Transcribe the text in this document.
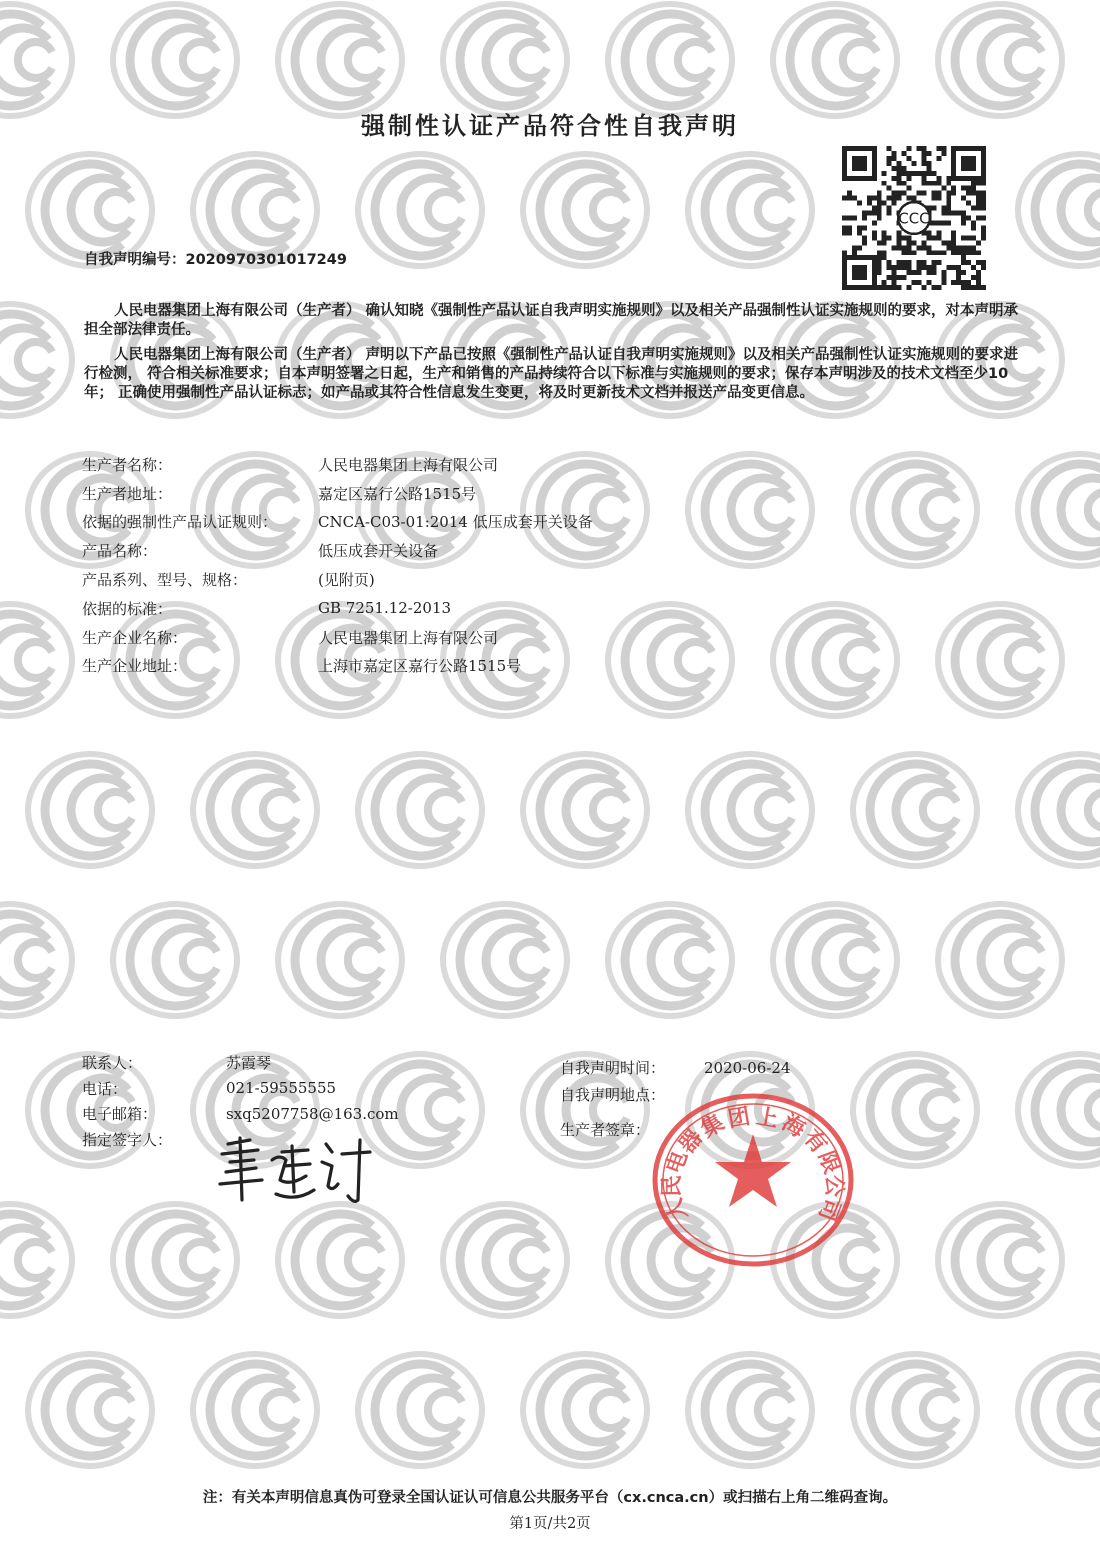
强制性认证产品符合性自我声明
CCC
自我声明编号：2020970301017249
人民电器集团上海有限公司（生产者） 确认知晓《强制性产品认证自我声明实施规则》以及相关产品强制性认证实施规则的要求，对本声明承担全部法律责任。
人民电器集团上海有限公司（生产者） 声明以下产品已按照《强制性产品认证自我声明实施规则》以及相关产品强制性认证实施规则的要求进行检测， 符合相关标准要求；自本声明签署之日起，生产和销售的产品持续符合以下标准与实施规则的要求；保存本声明涉及的技术文档至少10年； 正确使用强制性产品认证标志；如产品或其符合性信息发生变更，将及时更新技术文档并报送产品变更信息。
生产者名称：	人民电器集团上海有限公司
生产者地址：	嘉定区嘉行公路1515号
依据的强制性产品认证规则：	CNCA-C03-01:2014 低压成套开关设备
产品名称：	低压成套开关设备
产品系列、型号、规格：	(见附页)
依据的标准：	GB 7251.12-2013
生产企业名称：	人民电器集团上海有限公司
生产企业地址：	上海市嘉定区嘉行公路1515号
联系人：	苏霞琴
电话：	021-59555555
电子邮箱：	sxq5207758@163.com
指定签字人：
自我声明时间：	2020-06-24
自我声明地点：
生产者签章：
人
民
电
器
集
团 上
海
有
限
公
司
注：有关本声明信息真伪可登录全国认证认可信息公共服务平台（cx.cnca.cn）或扫描右上角二维码查询。
第1页/共2页
